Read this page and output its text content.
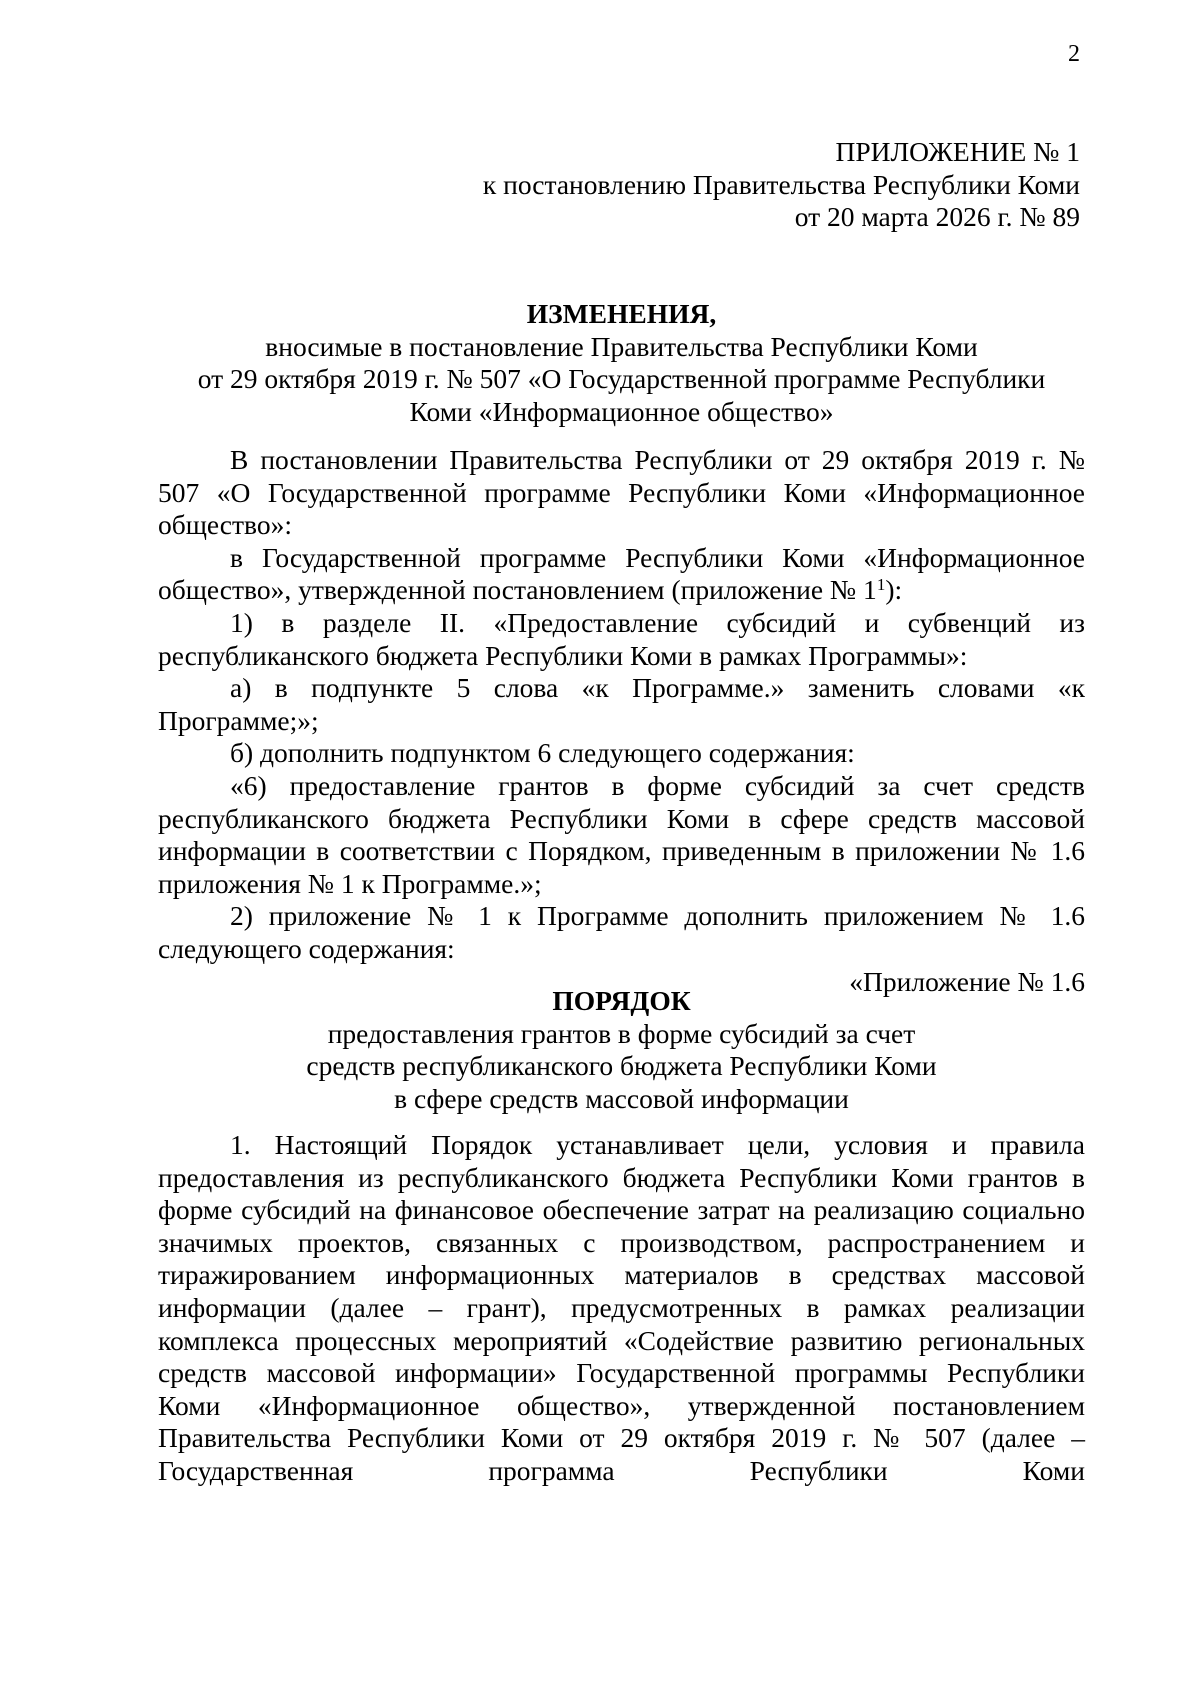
2
ПРИЛОЖЕНИЕ № 1
к постановлению Правительства Республики Коми
от 20 марта 2026 г. № 89
ИЗМЕНЕНИЯ,
вносимые в постановление Правительства Республики Коми
от 29 октября 2019 г. № 507 «О Государственной программе Республики
Коми «Информационное общество»

В постановлении Правительства Республики от 29 октября 2019 г. № 507 «О Государственной программе Республики Коми «Информационное общество»:

в Государственной программе Республики Коми «Информационное общество», утвержденной постановлением (приложение № $1^1$):

1) в разделе II. «Предоставление субсидий и субвенций из республиканского бюджета Республики Коми в рамках Программы»:

а) в подпункте 5 слова «к Программе.» заменить словами «к Программе;»;

б) дополнить подпунктом 6 следующего содержания:

«6) предоставление грантов в форме субсидий за счет средств республиканского бюджета Республики Коми в сфере средств массовой информации в соответствии с Порядком, приведенным в приложении № 1.6 приложения № 1 к Программе.»;

2) приложение № 1 к Программе дополнить приложением № 1.6 следующего содержания:

«Приложение № 1.6

ПОРЯДОК
предоставления грантов в форме субсидий за счет
средств республиканского бюджета Республики Коми
в сфере средств массовой информации

1. Настоящий Порядок устанавливает цели, условия и правила предоставления из республиканского бюджета Республики Коми грантов в форме субсидий на финансовое обеспечение затрат на реализацию социально значимых проектов, связанных с производством, распространением и тиражированием информационных материалов в средствах массовой информации (далее – грант), предусмотренных в рамках реализации комплекса процессных мероприятий «Содействие развитию региональных средств массовой информации» Государственной программы Республики Коми «Информационное общество», утвержденной постановлением Правительства Республики Коми от 29 октября 2019 г. № 507 (далее – Государственная программа Республики Коми
